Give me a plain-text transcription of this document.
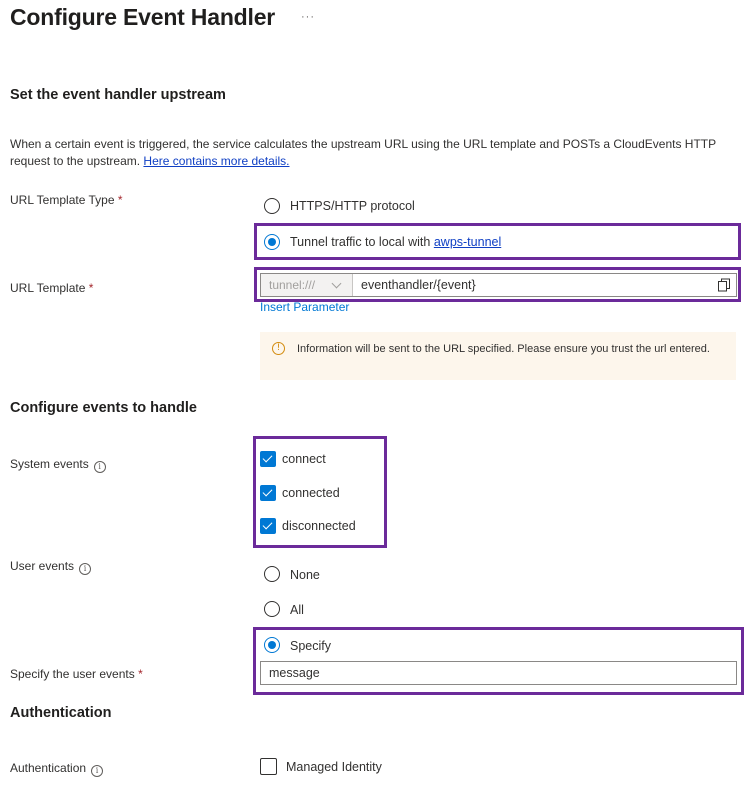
Configure Event Handler ···
Set the event handler upstream
When a certain event is triggered, the service calculates the upstream URL using the URL template and POSTs a CloudEvents HTTP request to the upstream. Here contains more details.
URL Template Type *	HTTPS/HTTP protocol
Tunnel traffic to local with awps-tunnel
URL Template *	tunnel:///	eventhandler/{event}
Insert Parameter
!	Information will be sent to the URL specified. Please ensure you trust the url entered.
Configure events to handle
System events i
connect
connected
disconnected
User events i	None
All
Specify
Specify the user events *	message
Authentication
Authentication i	Managed Identity
